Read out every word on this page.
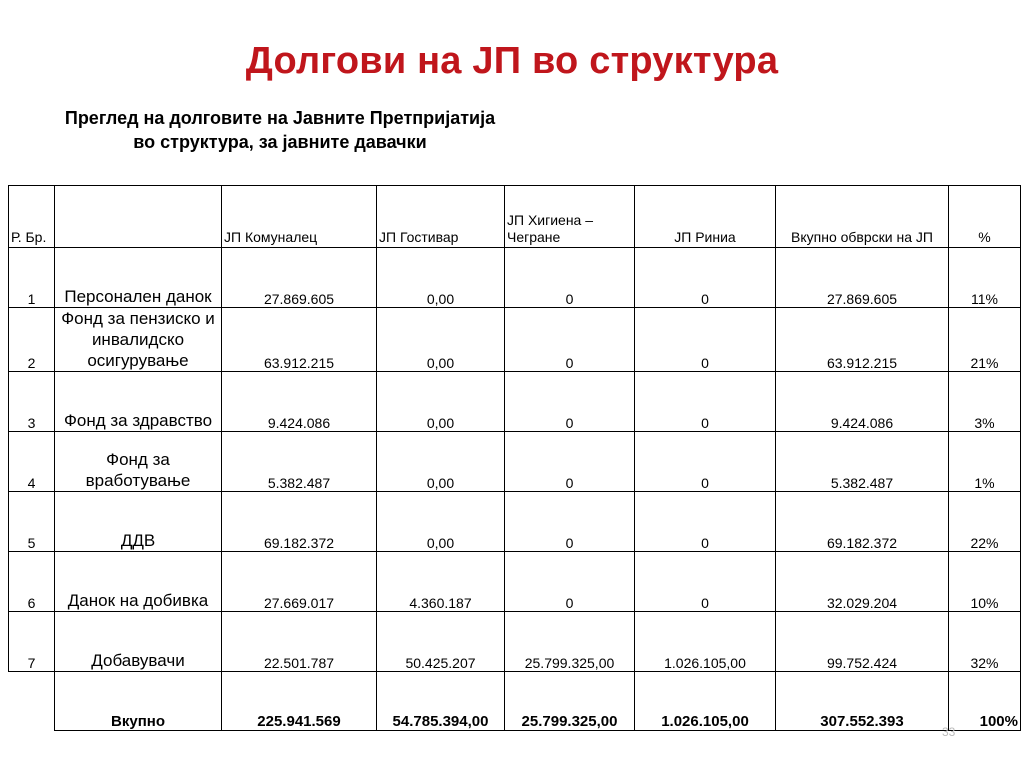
Долгови на ЈП во структура
Преглед на долговите на Јавните Претпријатија во структура, за јавните давачки
Р. Бр.		ЈП Комуналец	ЈП Гостивар	ЈП Хигиена – Чегране	ЈП Риниа	Вкупно обврски на ЈП	%
1	Персонален данок	27.869.605	0,00	0	0	27.869.605	11%
2	Фонд за пензиско и инвалидско осигурување	63.912.215	0,00	0	0	63.912.215	21%
3	Фонд за здравство	9.424.086	0,00	0	0	9.424.086	3%
4	Фонд за вработување	5.382.487	0,00	0	0	5.382.487	1%
5	ДДВ	69.182.372	0,00	0	0	69.182.372	22%
6	Данок на добивка	27.669.017	4.360.187	0	0	32.029.204	10%
7	Добавувачи	22.501.787	50.425.207	25.799.325,00	1.026.105,00	99.752.424	32%
	Вкупно	225.941.569	54.785.394,00	25.799.325,00	1.026.105,00	307.552.393	100%
33
